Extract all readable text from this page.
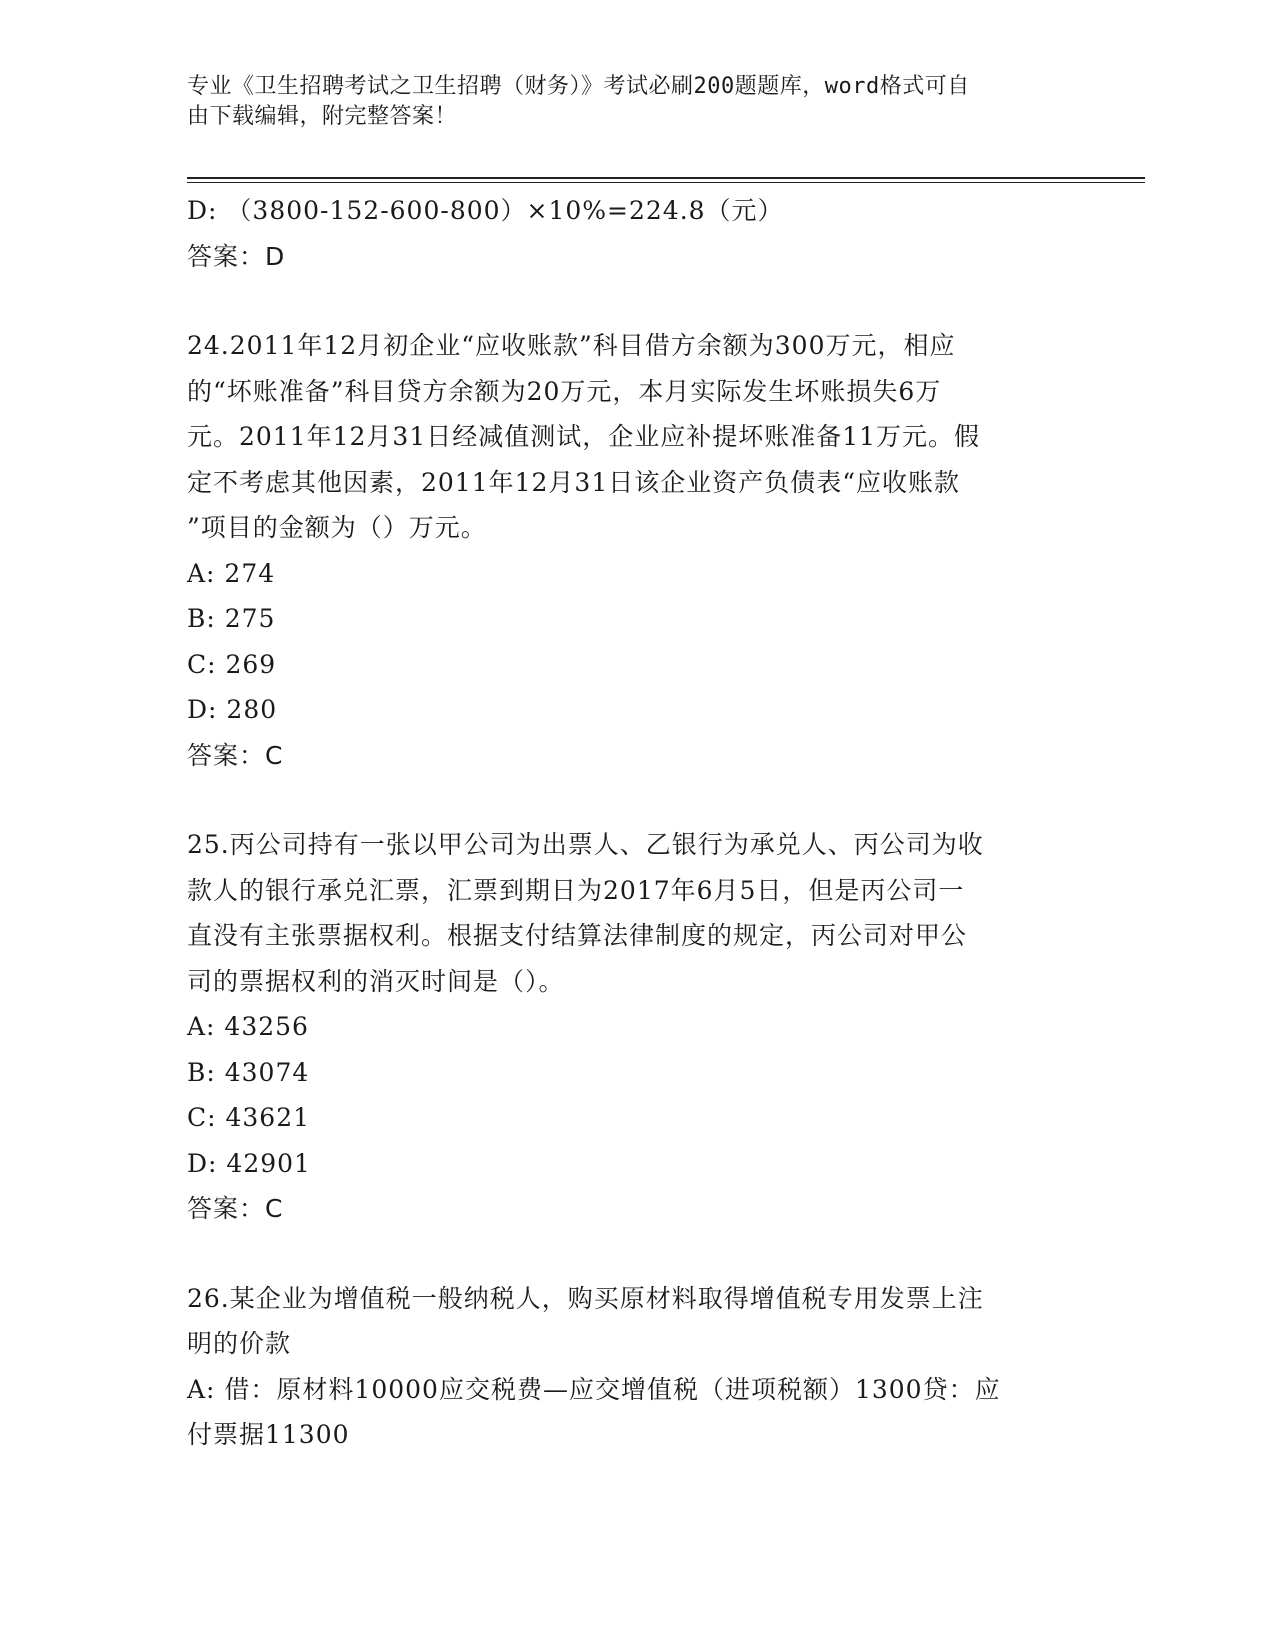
专业《卫生招聘考试之卫生招聘（财务）》考试必刷200题题库，word格式可自
由下载编辑，附完整答案！
D: （3800-152-600-800）×10%=224.8（元）
答案：D
24.2011年12月初企业“应收账款”科目借方余额为300万元，相应
的“坏账准备”科目贷方余额为20万元，本月实际发生坏账损失6万
元。2011年12月31日经减值测试，企业应补提坏账准备11万元。假
定不考虑其他因素，2011年12月31日该企业资产负债表“应收账款
”项目的金额为（）万元。
A: 274
B: 275
C: 269
D: 280
答案：C
25.丙公司持有一张以甲公司为出票人、乙银行为承兑人、丙公司为收
款人的银行承兑汇票，汇票到期日为2017年6月5日，但是丙公司一
直没有主张票据权利。根据支付结算法律制度的规定，丙公司对甲公
司的票据权利的消灭时间是（）。
A: 43256
B: 43074
C: 43621
D: 42901
答案：C
26.某企业为增值税一般纳税人，购买原材料取得增值税专用发票上注
明的价款
A: 借：原材料10000应交税费—应交增值税（进项税额）1300贷：应
付票据11300
